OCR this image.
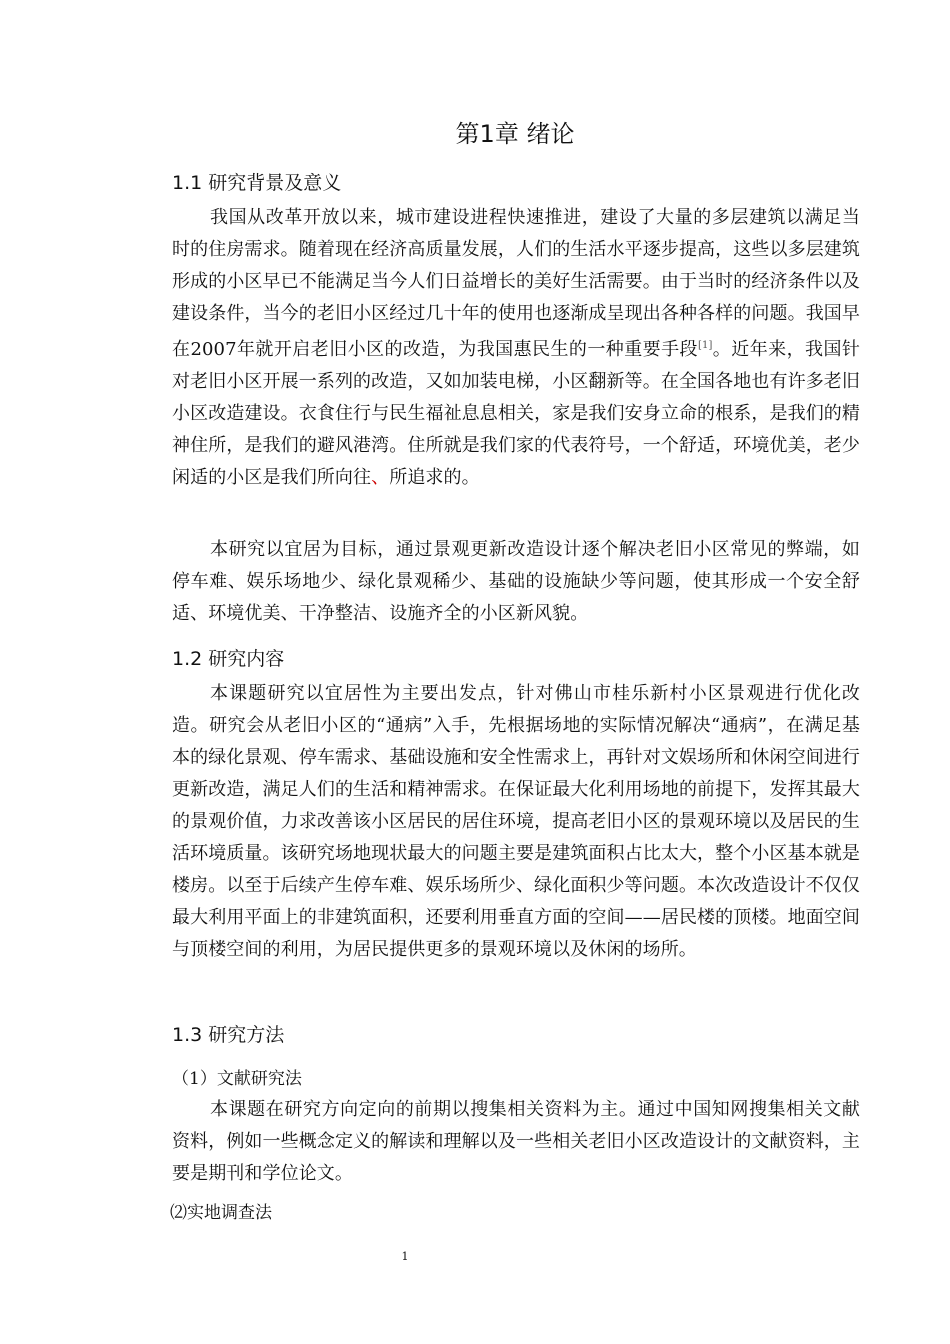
第1章 绪论
1.1 研究背景及意义
我国从改革开放以来，城市建设进程快速推进，建设了大量的多层建筑以满足当时的住房需求。随着现在经济高质量发展，人们的生活水平逐步提高，这些以多层建筑形成的小区早已不能满足当今人们日益增长的美好生活需要。由于当时的经济条件以及建设条件，当今的老旧小区经过几十年的使用也逐渐成呈现出各种各样的问题。我国早在2007年就开启老旧小区的改造，为我国惠民生的一种重要手段[1]。近年来，我国针对老旧小区开展一系列的改造，又如加装电梯，小区翻新等。在全国各地也有许多老旧小区改造建设。衣食住行与民生福祉息息相关，家是我们安身立命的根系，是我们的精神住所，是我们的避风港湾。住所就是我们家的代表符号，一个舒适，环境优美，老少闲适的小区是我们所向往、所追求的。
本研究以宜居为目标，通过景观更新改造设计逐个解决老旧小区常见的弊端，如停车难、娱乐场地少、绿化景观稀少、基础的设施缺少等问题，使其形成一个安全舒适、环境优美、干净整洁、设施齐全的小区新风貌。
1.2 研究内容
本课题研究以宜居性为主要出发点，针对佛山市桂乐新村小区景观进行优化改造。研究会从老旧小区的“通病”入手，先根据场地的实际情况解决“通病”，在满足基本的绿化景观、停车需求、基础设施和安全性需求上，再针对文娱场所和休闲空间进行更新改造，满足人们的生活和精神需求。在保证最大化利用场地的前提下，发挥其最大的景观价值，力求改善该小区居民的居住环境，提高老旧小区的景观环境以及居民的生活环境质量。该研究场地现状最大的问题主要是建筑面积占比太大，整个小区基本就是楼房。以至于后续产生停车难、娱乐场所少、绿化面积少等问题。本次改造设计不仅仅最大利用平面上的非建筑面积，还要利用垂直方面的空间——居民楼的顶楼。地面空间与顶楼空间的利用，为居民提供更多的景观环境以及休闲的场所。
1.3 研究方法
（1）文献研究法
本课题在研究方向定向的前期以搜集相关资料为主。通过中国知网搜集相关文献资料，例如一些概念定义的解读和理解以及一些相关老旧小区改造设计的文献资料，主要是期刊和学位论文。
⑵实地调查法
1
